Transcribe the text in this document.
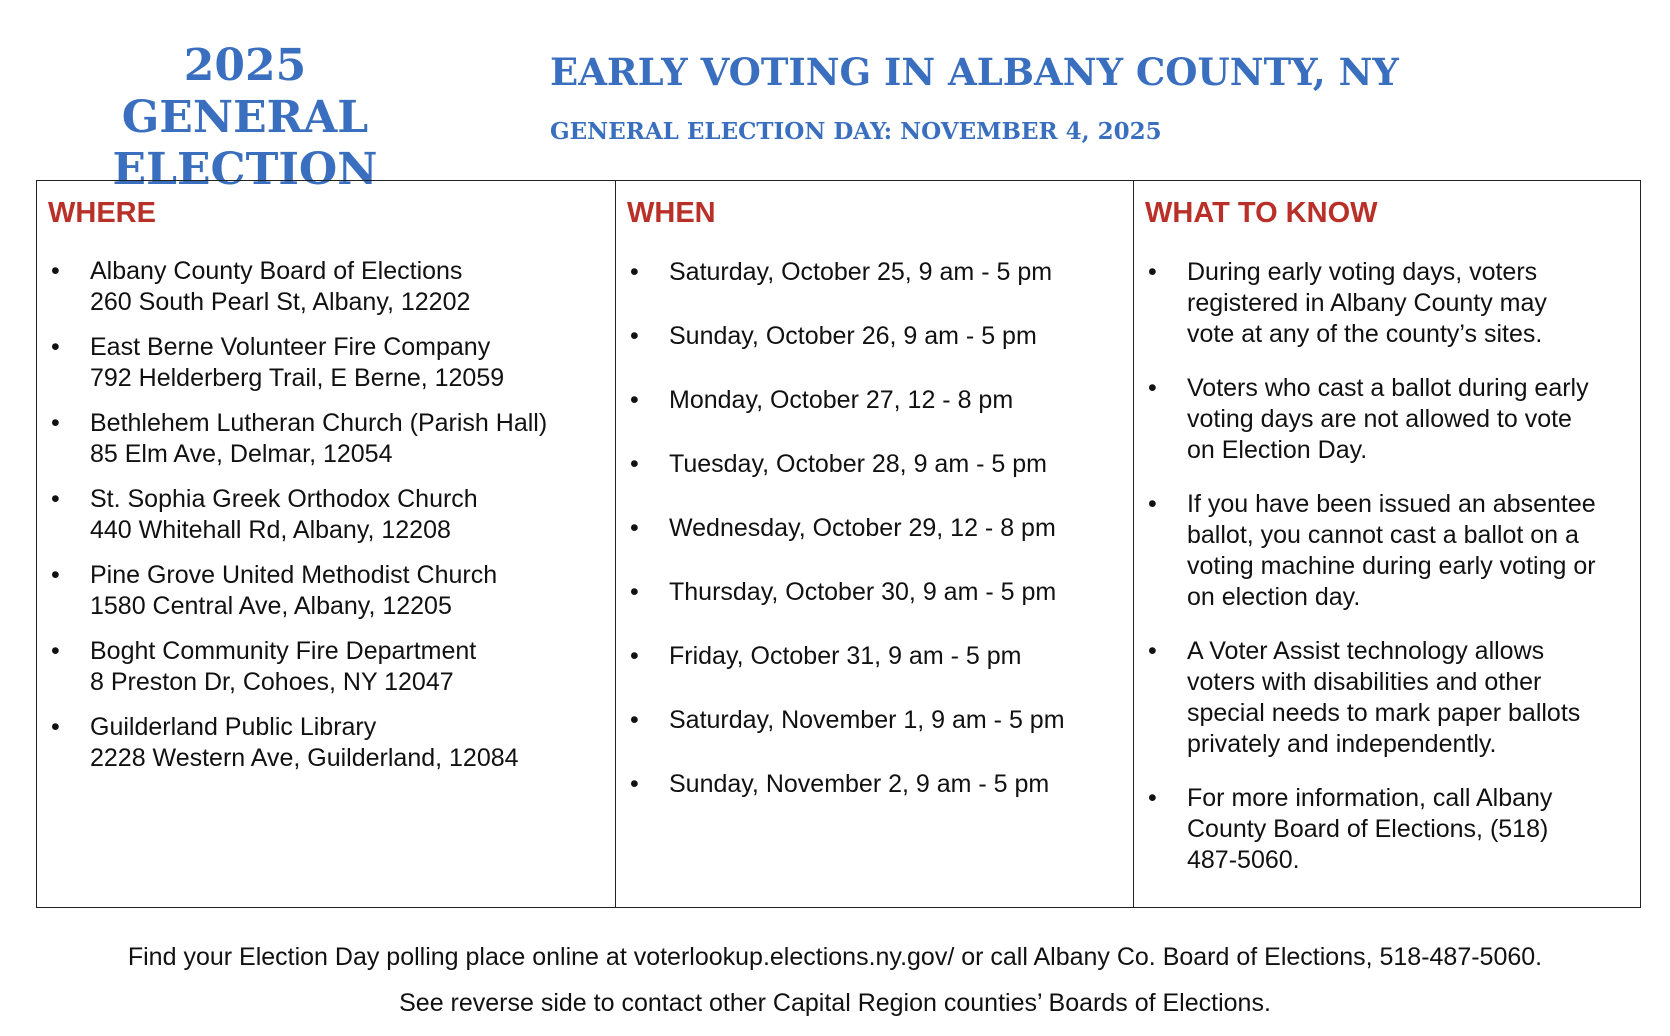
2025 GENERAL
ELECTION
EARLY VOTING IN ALBANY COUNTY, NY
GENERAL ELECTION DAY: NOVEMBER 4, 2025
WHERE
• Albany County Board of Elections
260 South Pearl St, Albany, 12202
• East Berne Volunteer Fire Company
792 Helderberg Trail, E Berne, 12059
• Bethlehem Lutheran Church (Parish Hall)
85 Elm Ave, Delmar, 12054
• St. Sophia Greek Orthodox Church
440 Whitehall Rd, Albany, 12208
• Pine Grove United Methodist Church
1580 Central Ave, Albany, 12205
• Boght Community Fire Department
8 Preston Dr, Cohoes, NY 12047
• Guilderland Public Library
2228 Western Ave, Guilderland, 12084
WHEN
• Saturday, October 25, 9 am - 5 pm
• Sunday, October 26, 9 am - 5 pm
• Monday, October 27, 12 - 8 pm
• Tuesday, October 28, 9 am - 5 pm
• Wednesday, October 29, 12 - 8 pm
• Thursday, October 30, 9 am - 5 pm
• Friday, October 31, 9 am - 5 pm
• Saturday, November 1, 9 am - 5 pm
• Sunday, November 2, 9 am - 5 pm
WHAT TO KNOW
• During early voting days, voters
registered in Albany County may
vote at any of the county’s sites.
• Voters who cast a ballot during early
voting days are not allowed to vote
on Election Day.
• If you have been issued an absentee
ballot, you cannot cast a ballot on a
voting machine during early voting or
on election day.
• A Voter Assist technology allows
voters with disabilities and other
special needs to mark paper ballots
privately and independently.
• For more information, call Albany
County Board of Elections, (518)
487-5060.
Find your Election Day polling place online at voterlookup.elections.ny.gov/ or call Albany Co. Board of Elections, 518-487-5060.
See reverse side to contact other Capital Region counties’ Boards of Elections.
